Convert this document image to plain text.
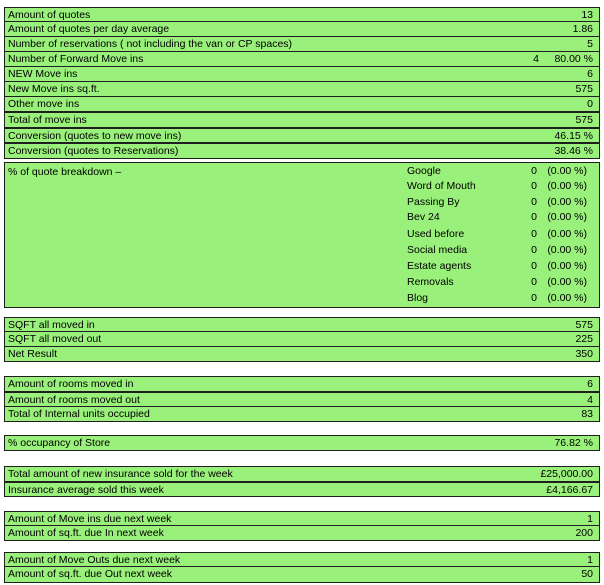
Amount of quotes	13
Amount of quotes per day average	1.86
Number of reservations ( not including the van or CP spaces)	5
Number of Forward Move ins	4 80.00 %
NEW Move ins	6
New Move ins sq.ft.	575
Other move ins	0
Total of move ins	575
Conversion (quotes to new move ins)	46.15 %
Conversion (quotes to Reservations)	38.46 %
% of quote breakdown –	Google	0 (0.00 %)
Word of Mouth	0 (0.00 %)
Passing By	0 (0.00 %)
Bev 24	0 (0.00 %)
Used before	0 (0.00 %)
Social media	0 (0.00 %)
Estate agents	0 (0.00 %)
Removals	0 (0.00 %)
Blog	0 (0.00 %)
SQFT all moved in	575
SQFT all moved out	225
Net Result	350
Amount of rooms moved in	6
Amount of rooms moved out	4
Total of Internal units occupied	83
% occupancy of Store	76.82 %
Total amount of new insurance sold for the week	£25,000.00
Insurance average sold this week	£4,166.67
Amount of Move ins due next week	1
Amount of sq.ft. due In next week	200
Amount of Move Outs due next week	1
Amount of sq.ft. due Out next week	50
